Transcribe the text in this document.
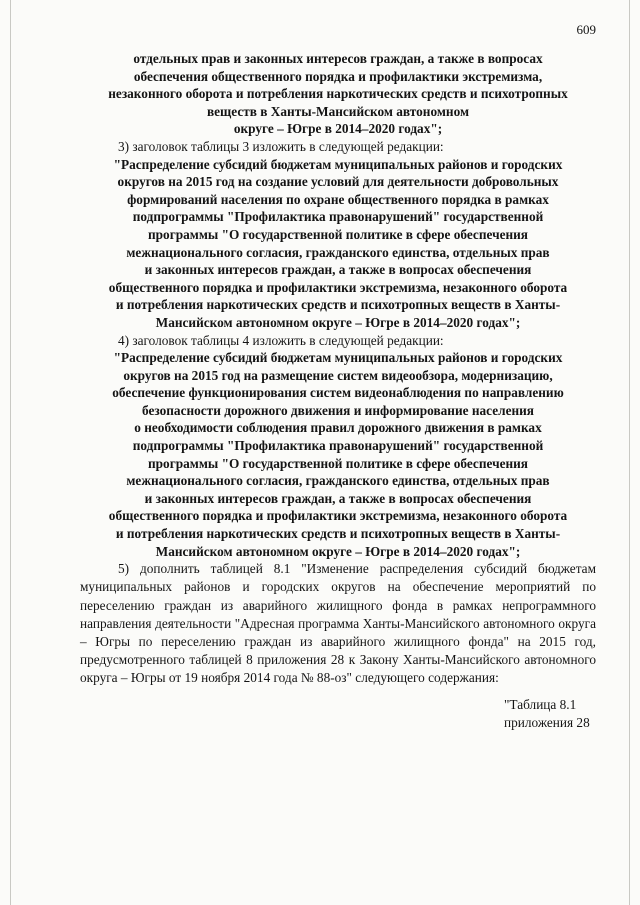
609

отдельных прав и законных интересов граждан, а также в вопросах

обеспечения общественного порядка и профилактики экстремизма,

незаконного оборота и потребления наркотических средств и психотропных

веществ в Ханты-Мансийском автономном

округе – Югре в 2014–2020 годах";

3) заголовок таблицы 3 изложить в следующей редакции:

"Распределение субсидий бюджетам муниципальных районов и городских

округов на 2015 год на создание условий для деятельности добровольных

формирований населения по охране общественного порядка в рамках

подпрограммы "Профилактика правонарушений" государственной

программы "О государственной политике в сфере обеспечения

межнационального согласия, гражданского единства, отдельных прав

и законных интересов граждан, а также в вопросах обеспечения

общественного порядка и профилактики экстремизма, незаконного оборота

и потребления наркотических средств и психотропных веществ в Ханты-

Мансийском автономном округе – Югре в 2014–2020 годах";

4) заголовок таблицы 4 изложить в следующей редакции:

"Распределение субсидий бюджетам муниципальных районов и городских

округов на 2015 год на размещение систем видеообзора, модернизацию,

обеспечение функционирования систем видеонаблюдения по направлению

безопасности дорожного движения и информирование населения

о необходимости соблюдения правил дорожного движения в рамках

подпрограммы "Профилактика правонарушений" государственной

программы "О государственной политике в сфере обеспечения

межнационального согласия, гражданского единства, отдельных прав

и законных интересов граждан, а также в вопросах обеспечения

общественного порядка и профилактики экстремизма, незаконного оборота

и потребления наркотических средств и психотропных веществ в Ханты-

Мансийском автономном округе – Югре в 2014–2020 годах";

5) дополнить таблицей 8.1 "Изменение распределения субсидий бюджетам муниципальных районов и городских округов на обеспечение мероприятий по переселению граждан из аварийного жилищного фонда в рамках непрограммного направления деятельности "Адресная программа Ханты-Мансийского автономного округа – Югры по переселению граждан из аварийного жилищного фонда" на 2015 год, предусмотренного таблицей 8 приложения 28 к Закону Ханты-Мансийского автономного округа – Югры от 19 ноября 2014 года № 88-оз" следующего содержания:

"Таблица 8.1
приложения 28
